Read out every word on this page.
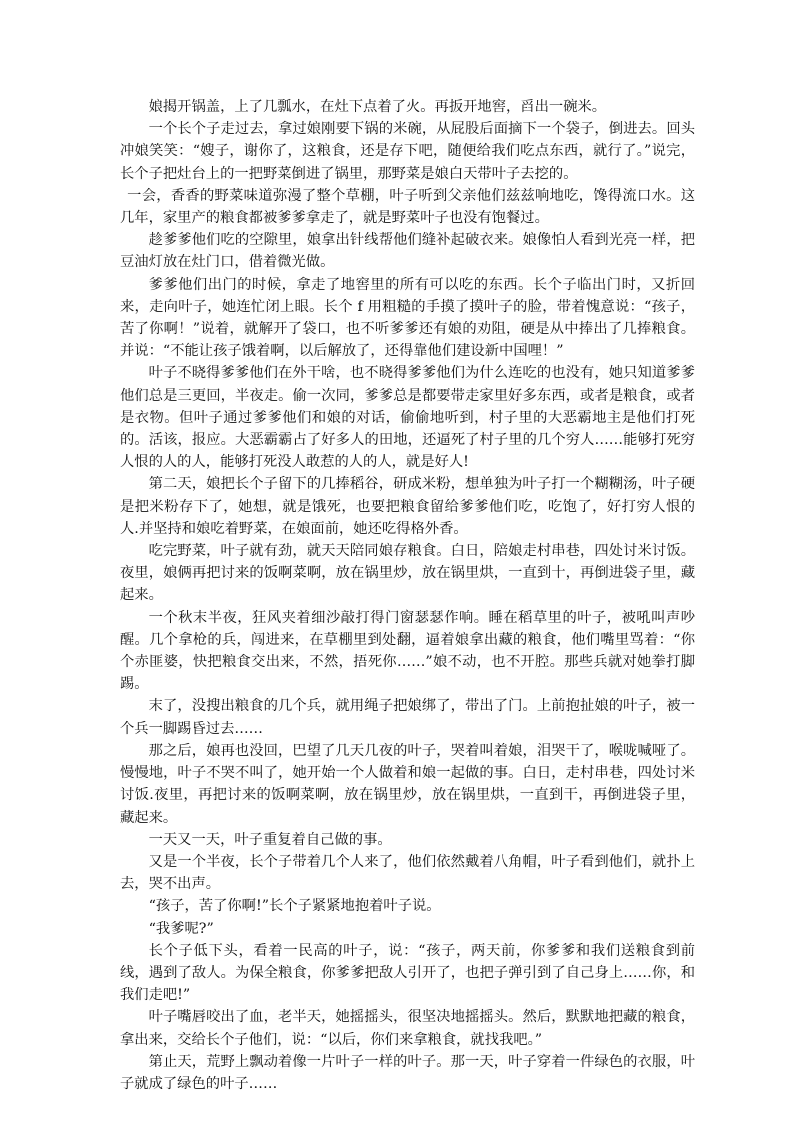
娘揭开锅盖，上了几瓢水，在灶下点着了火。再扳开地窖，舀出一碗米。

一个长个子走过去，拿过娘刚要下锅的米碗，从屁股后面摘下一个袋子，倒进去。回头冲娘笑笑：“嫂子，谢你了，这粮食，还是存下吧，随便给我们吃点东西，就行了。”说完，长个子把灶台上的一把野菜倒进了锅里，那野菜是娘白天带叶子去挖的。

一会，香香的野菜味道弥漫了整个草棚，叶子听到父亲他们兹兹响地吃，馋得流口水。这几年，家里产的粮食都被爹爹拿走了，就是野菜叶子也没有饱餐过。

趁爹爹他们吃的空隙里，娘拿出针线帮他们缝补起破衣来。娘像怕人看到光亮一样，把豆油灯放在灶门口，借着微光做。

爹爹他们出门的时候，拿走了地窖里的所有可以吃的东西。长个子临出门时，又折回来，走向叶子，她连忙闭上眼。长个 f 用粗糙的手摸了摸叶子的脸，带着愧意说：“孩子，苦了你啊！”说着，就解开了袋口，也不听爹爹还有娘的劝阻，硬是从中捧出了几捧粮食。并说：“不能让孩子饿着啊，以后解放了，还得靠他们建设新中国哩！”

叶子不晓得爹爹他们在外干啥，也不晓得爹爹他们为什么连吃的也没有，她只知道爹爹他们总是三更回，半夜走。偷一次同，爹爹总是都要带走家里好多东西，或者是粮食，或者是衣物。但叶子通过爹爹他们和娘的对话，偷偷地听到，村子里的大恶霸地主是他们打死的。活该，报应。大恶霸霸占了好多人的田地，还逼死了村子里的几个穷人……能够打死穷人恨的人的人，能够打死没人敢惹的人的人，就是好人!

第二天，娘把长个子留下的几捧稻谷，研成米粉，想单独为叶子打一个糊糊汤，叶子硬是把米粉存下了，她想，就是饿死，也要把粮食留给爹爹他们吃，吃饱了，好打穷人恨的人.并坚持和娘吃着野菜，在娘面前，她还吃得格外香。

吃完野菜，叶子就有劲，就天天陪同娘存粮食。白日，陪娘走村串巷，四处讨米讨饭。夜里，娘俩再把讨来的饭啊菜啊，放在锅里炒，放在锅里烘，一直到十，再倒进袋子里，藏起来。

一个秋末半夜，狂风夹着细沙敲打得门窗瑟瑟作响。睡在稻草里的叶子，被吼叫声吵醒。几个拿枪的兵，闯进来，在草棚里到处翻，逼着娘拿出藏的粮食，他们嘴里骂着：“你个赤匪婆，快把粮食交出来，不然，捂死你……”娘不动，也不开腔。那些兵就对她拳打脚踢。

末了，没搜出粮食的几个兵，就用绳子把娘绑了，带出了门。上前抱扯娘的叶子，被一个兵一脚踢昏过去……

那之后，娘再也没回，巴望了几天几夜的叶子，哭着叫着娘，泪哭干了，喉咙喊哑了。慢慢地，叶子不哭不叫了，她开始一个人做着和娘一起做的事。白日，走村串巷，四处讨米讨饭.夜里，再把讨来的饭啊菜啊，放在锅里炒，放在锅里烘，一直到干，再倒进袋子里，藏起来。

一天又一天，叶子重复着自己做的事。

又是一个半夜，长个子带着几个人来了，他们依然戴着八角帽，叶子看到他们，就扑上去，哭不出声。

“孩子，苦了你啊!”长个子紧紧地抱着叶子说。

“我爹呢?”

长个子低下头，看着一民高的叶子，说：“孩子，两天前，你爹爹和我们送粮食到前线，遇到了敌人。为保全粮食，你爹爹把敌人引开了，也把子弹引到了自己身上……你，和我们走吧!”

叶子嘴唇咬出了血，老半天，她摇摇头，很坚决地摇摇头。然后，默默地把藏的粮食，拿出来，交给长个子他们，说：“以后，你们来拿粮食，就找我吧。”

第止天，荒野上飘动着像一片叶子一样的叶子。那一天，叶子穿着一件绿色的衣服，叶子就成了绿色的叶子……
